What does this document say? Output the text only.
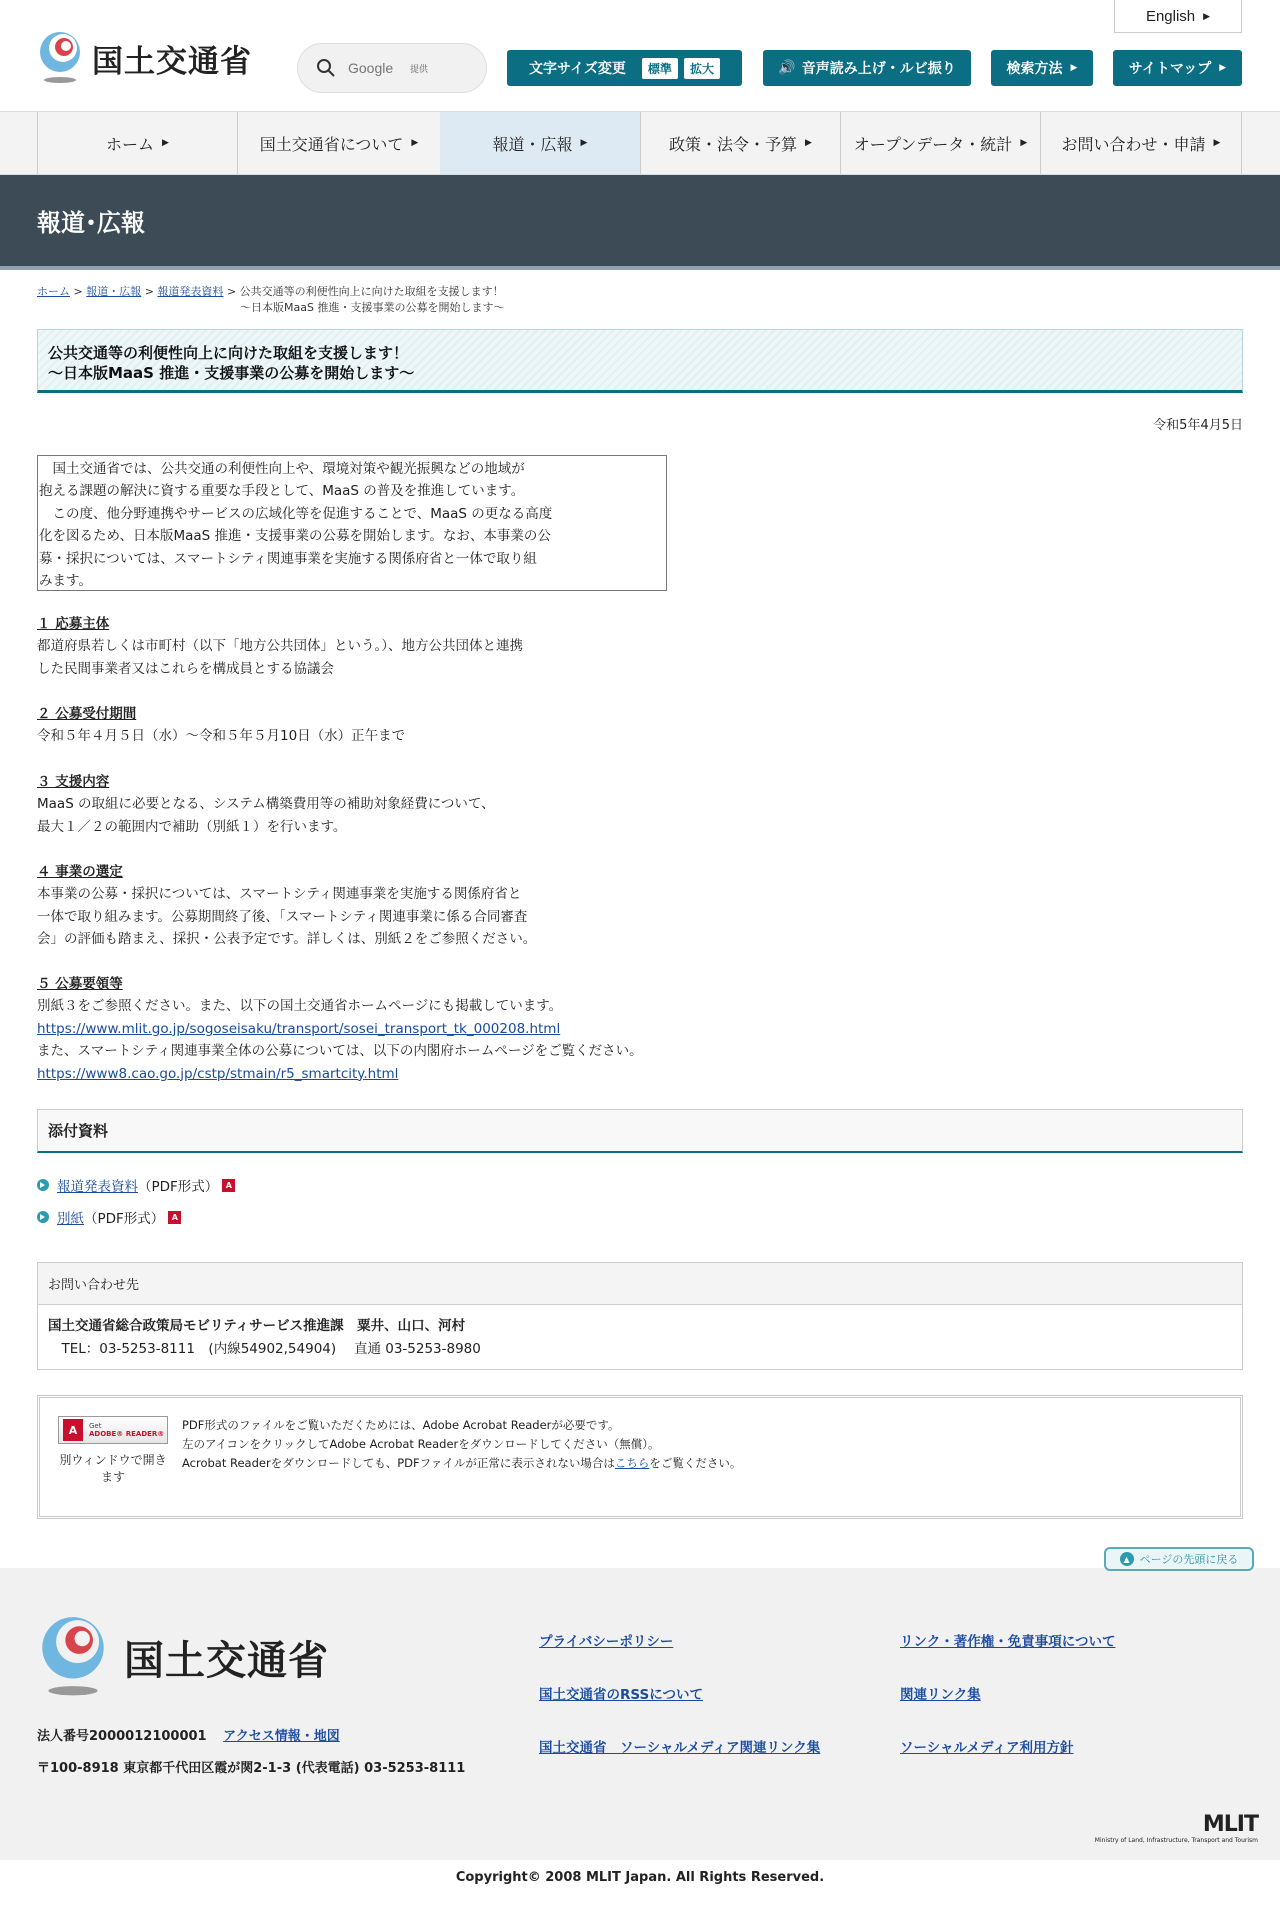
国土交通省
Google	提供
English ▶
文字サイズ変更	標準	拡大	🔊 音声読み上げ・ルビ振り	検索方法 ▶	サイトマップ ▶
ホーム ▶	国土交通省について ▶	報道・広報 ▶	政策・法令・予算 ▶	オープンデータ・統計 ▶ お問い合わせ・申請 ▶
報道･広報
ホーム > 報道・広報 > 報道発表資料 > 公共交通等の利便性向上に向けた取組を支援します！
～日本版MaaS 推進・支援事業の公募を開始します～
公共交通等の利便性向上に向けた取組を支援します！
～日本版MaaS 推進・支援事業の公募を開始します～
令和5年4月5日
　国土交通省では、公共交通の利便性向上や、環境対策や観光振興などの地域が
抱える課題の解決に資する重要な手段として、MaaS の普及を推進しています。
　この度、他分野連携やサービスの広域化等を促進することで、MaaS の更なる高度
化を図るため、日本版MaaS 推進・支援事業の公募を開始します。なお、本事業の公
募・採択については、スマートシティ関連事業を実施する関係府省と一体で取り組
みます。
１ 応募主体
都道府県若しくは市町村（以下「地方公共団体」という。）、地方公共団体と連携
した民間事業者又はこれらを構成員とする協議会
２ 公募受付期間
令和５年４月５日（水）～令和５年５月10日（水）正午まで
３ 支援内容
MaaS の取組に必要となる、システム構築費用等の補助対象経費について、
最大１／２の範囲内で補助（別紙１）を行います。
４ 事業の選定
本事業の公募・採択については、スマートシティ関連事業を実施する関係府省と
一体で取り組みます。公募期間終了後、「スマートシティ関連事業に係る合同審査
会」の評価も踏まえ、採択・公表予定です。詳しくは、別紙２をご参照ください。
５ 公募要領等
別紙３をご参照ください。また、以下の国土交通省ホームページにも掲載しています。
https://www.mlit.go.jp/sogoseisaku/transport/sosei_transport_tk_000208.html
また、スマートシティ関連事業全体の公募については、以下の内閣府ホームページをご覧ください。
https://www8.cao.go.jp/cstp/stmain/r5_smartcity.html
添付資料
報道発表資料 （PDF形式） A
別紙 （PDF形式） A
お問い合わせ先
国土交通省総合政策局モビリティサービス推進課　粟井、山口、河村
　TEL：03-5253-8111　(内線54902,54904)　 直通 03-5253-8980
A	Get
ADOBE® READER®
別ウィンドウで開きます
PDF形式のファイルをご覧いただくためには、Adobe Acrobat Readerが必要です。
左のアイコンをクリックしてAdobe Acrobat Readerをダウンロードしてください（無償）。
Acrobat Readerをダウンロードしても、PDFファイルが正常に表示されない場合はこちらをご覧ください。
国土交通省
法人番号2000012100001 アクセス情報・地図
〒100-8918 東京都千代田区霞が関2-1-3 (代表電話) 03-5253-8111
プライバシーポリシー	リンク・著作権・免責事項について
国土交通省のRSSについて	関連リンク集
国土交通省　ソーシャルメディア関連リンク集	ソーシャルメディア利用方針
MLIT
Ministry of Land, Infrastructure, Transport and Tourism
▲ ページの先頭に戻る
Copyright© 2008 MLIT Japan. All Rights Reserved.
